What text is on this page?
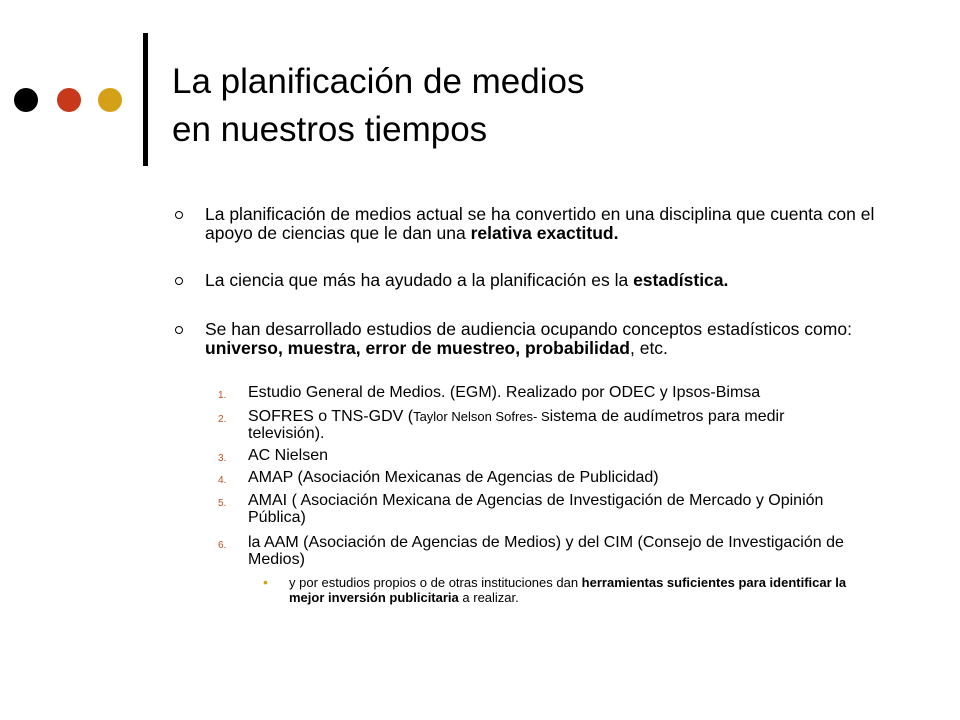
La planificación de medios
en nuestros tiempos
La planificación de medios actual se ha convertido en una disciplina que cuenta con el apoyo de ciencias que le dan una relativa exactitud.
La ciencia que más ha ayudado a la planificación es la estadística.
Se han desarrollado estudios de audiencia ocupando conceptos estadísticos como: universo, muestra, error de muestreo, probabilidad, etc.
1. Estudio General de Medios. (EGM). Realizado por ODEC y Ipsos-Bimsa
2. SOFRES o TNS-GDV (Taylor Nelson Sofres- Sistema de audímetros para medir televisión).
3. AC Nielsen
4. AMAP (Asociación Mexicanas de Agencias de Publicidad)
5. AMAI ( Asociación Mexicana de Agencias de Investigación de Mercado y Opinión Pública)
6. la AAM (Asociación de Agencias de Medios) y del CIM (Consejo de Investigación de Medios)
• y por estudios propios o de otras instituciones dan herramientas suficientes para identificar la mejor inversión publicitaria a realizar.
